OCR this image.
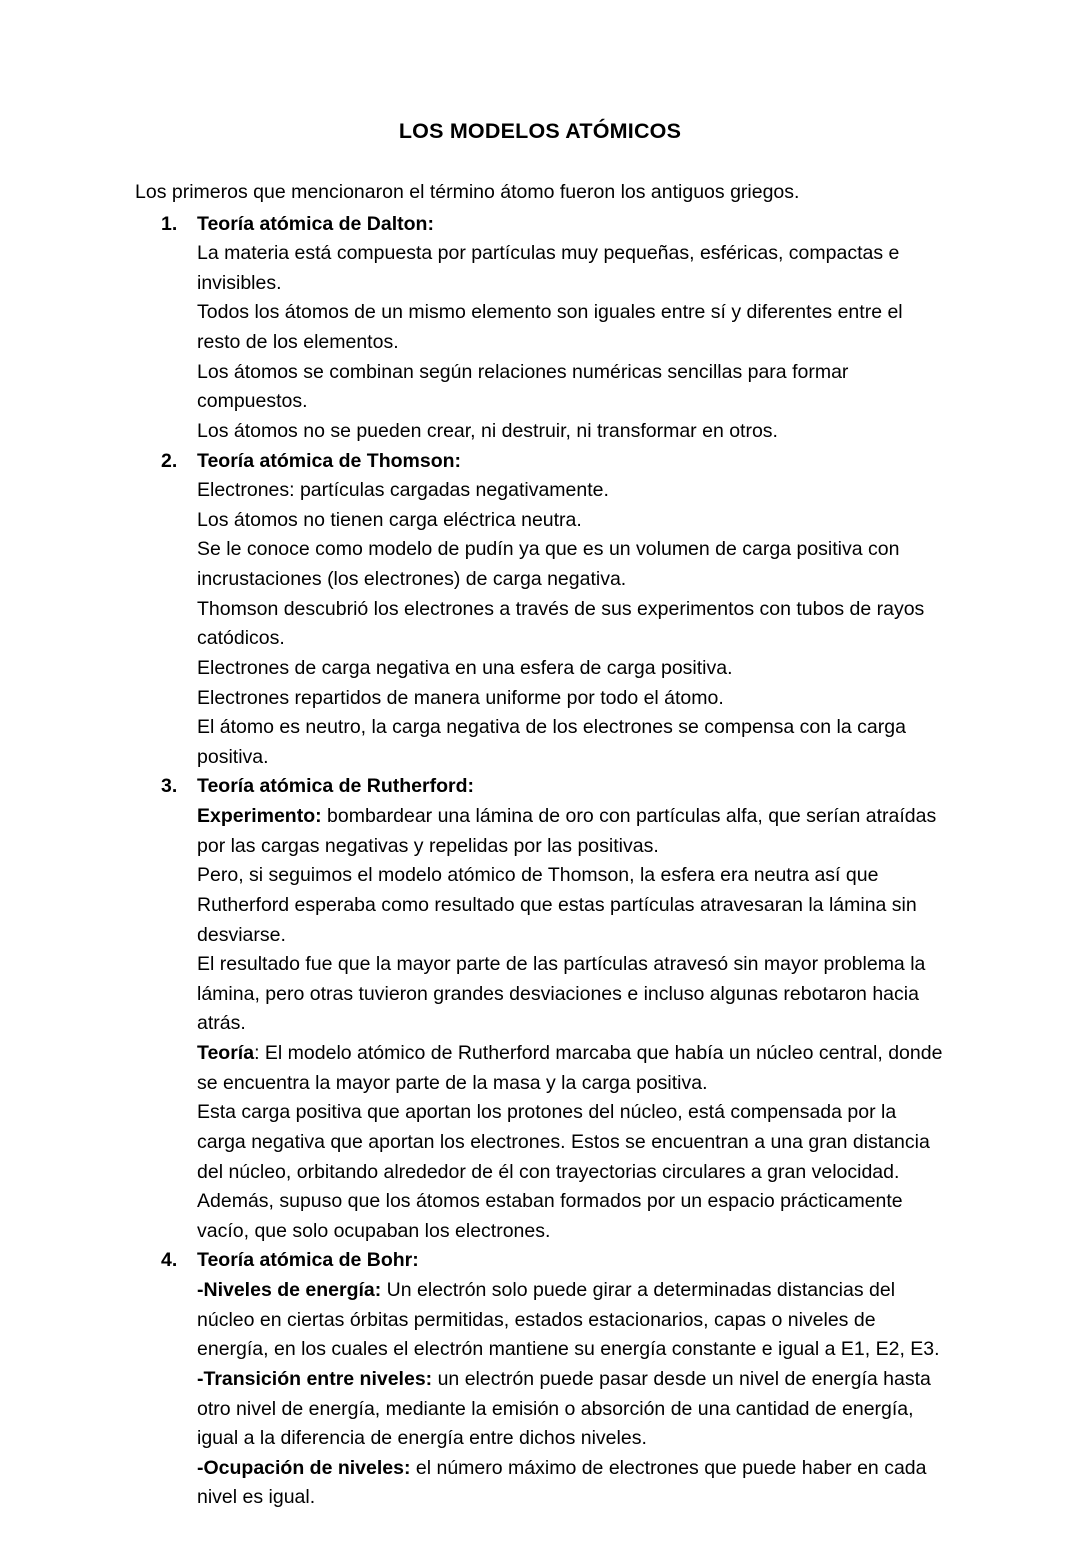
LOS MODELOS ATÓMICOS

Los primeros que mencionaron el término átomo fueron los antiguos griegos.

Teoría atómica de Dalton:

La materia está compuesta por partículas muy pequeñas, esféricas, compactas e invisibles.

Todos los átomos de un mismo elemento son iguales entre sí y diferentes entre el resto de los elementos.

Los átomos se combinan según relaciones numéricas sencillas para formar compuestos.

Los átomos no se pueden crear, ni destruir, ni transformar en otros.

Teoría atómica de Thomson:

Electrones: partículas cargadas negativamente.

Los átomos no tienen carga eléctrica neutra.

Se le conoce como modelo de pudín ya que es un volumen de carga positiva con incrustaciones (los electrones) de carga negativa.

Thomson descubrió los electrones a través de sus experimentos con tubos de rayos catódicos.

Electrones de carga negativa en una esfera de carga positiva.

Electrones repartidos de manera uniforme por todo el átomo.

El átomo es neutro, la carga negativa de los electrones se compensa con la carga positiva.

Teoría atómica de Rutherford:

Experimento: bombardear una lámina de oro con partículas alfa, que serían atraídas por las cargas negativas y repelidas por las positivas.

Pero, si seguimos el modelo atómico de Thomson, la esfera era neutra así que Rutherford esperaba como resultado que estas partículas atravesaran la lámina sin desviarse.

El resultado fue que la mayor parte de las partículas atravesó sin mayor problema la lámina, pero otras tuvieron grandes desviaciones e incluso algunas rebotaron hacia atrás.

Teoría: El modelo atómico de Rutherford marcaba que había un núcleo central, donde se encuentra la mayor parte de la masa y la carga positiva.

Esta carga positiva que aportan los protones del núcleo, está compensada por la carga negativa que aportan los electrones. Estos se encuentran a una gran distancia del núcleo, orbitando alrededor de él con trayectorias circulares a gran velocidad.

Además, supuso que los átomos estaban formados por un espacio prácticamente vacío, que solo ocupaban los electrones.

Teoría atómica de Bohr:

-Niveles de energía: Un electrón solo puede girar a determinadas distancias del núcleo en ciertas órbitas permitidas, estados estacionarios, capas o niveles de energía, en los cuales el electrón mantiene su energía constante e igual a E1, E2, E3.

-Transición entre niveles: un electrón puede pasar desde un nivel de energía hasta otro nivel de energía, mediante la emisión o absorción de una cantidad de energía, igual a la diferencia de energía entre dichos niveles.

-Ocupación de niveles: el número máximo de electrones que puede haber en cada nivel es igual.
